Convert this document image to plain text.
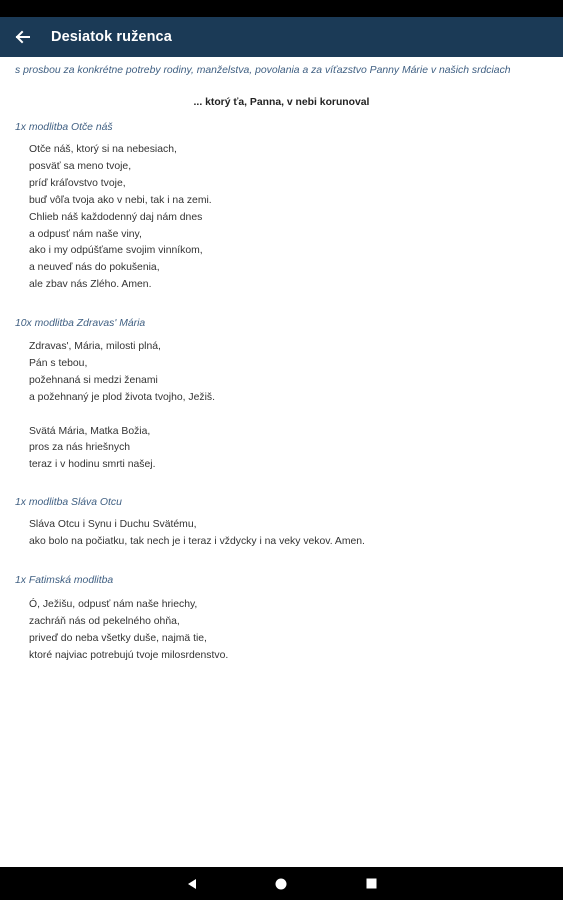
Desiatok ruženca
s prosbou za konkrétne potreby rodiny, manželstva, povolania a za víťazstvo Panny Márie v našich srdciach
... ktorý ťa, Panna, v nebi korunoval
1x modlitba Otče náš
Otče náš, ktorý si na nebesiach,
posväť sa meno tvoje,
príď kráľovstvo tvoje,
buď vôľa tvoja ako v nebi, tak i na zemi.
Chlieb náš každodenný daj nám dnes
a odpusť nám naše viny,
ako i my odpúšťame svojim vinníkom,
a neuveď nás do pokušenia,
ale zbav nás Zlého. Amen.
10x modlitba Zdravas' Mária
Zdravas', Mária, milosti plná,
Pán s tebou,
požehnaná si medzi ženami
a požehnaný je plod života tvojho, Ježiš.
Svätá Mária, Matka Božia,
pros za nás hriešnych
teraz i v hodinu smrti našej.
1x modlitba Sláva Otcu
Sláva Otcu i Synu i Duchu Svätému,
ako bolo na počiatku, tak nech je i teraz i vždycky i na veky vekov. Amen.
1x Fatimská modlitba
Ó, Ježišu, odpusť nám naše hriechy,
zachráň nás od pekelného ohňa,
priveď do neba všetky duše, najmä tie,
ktoré najviac potrebujú tvoje milosrdenstvo.
